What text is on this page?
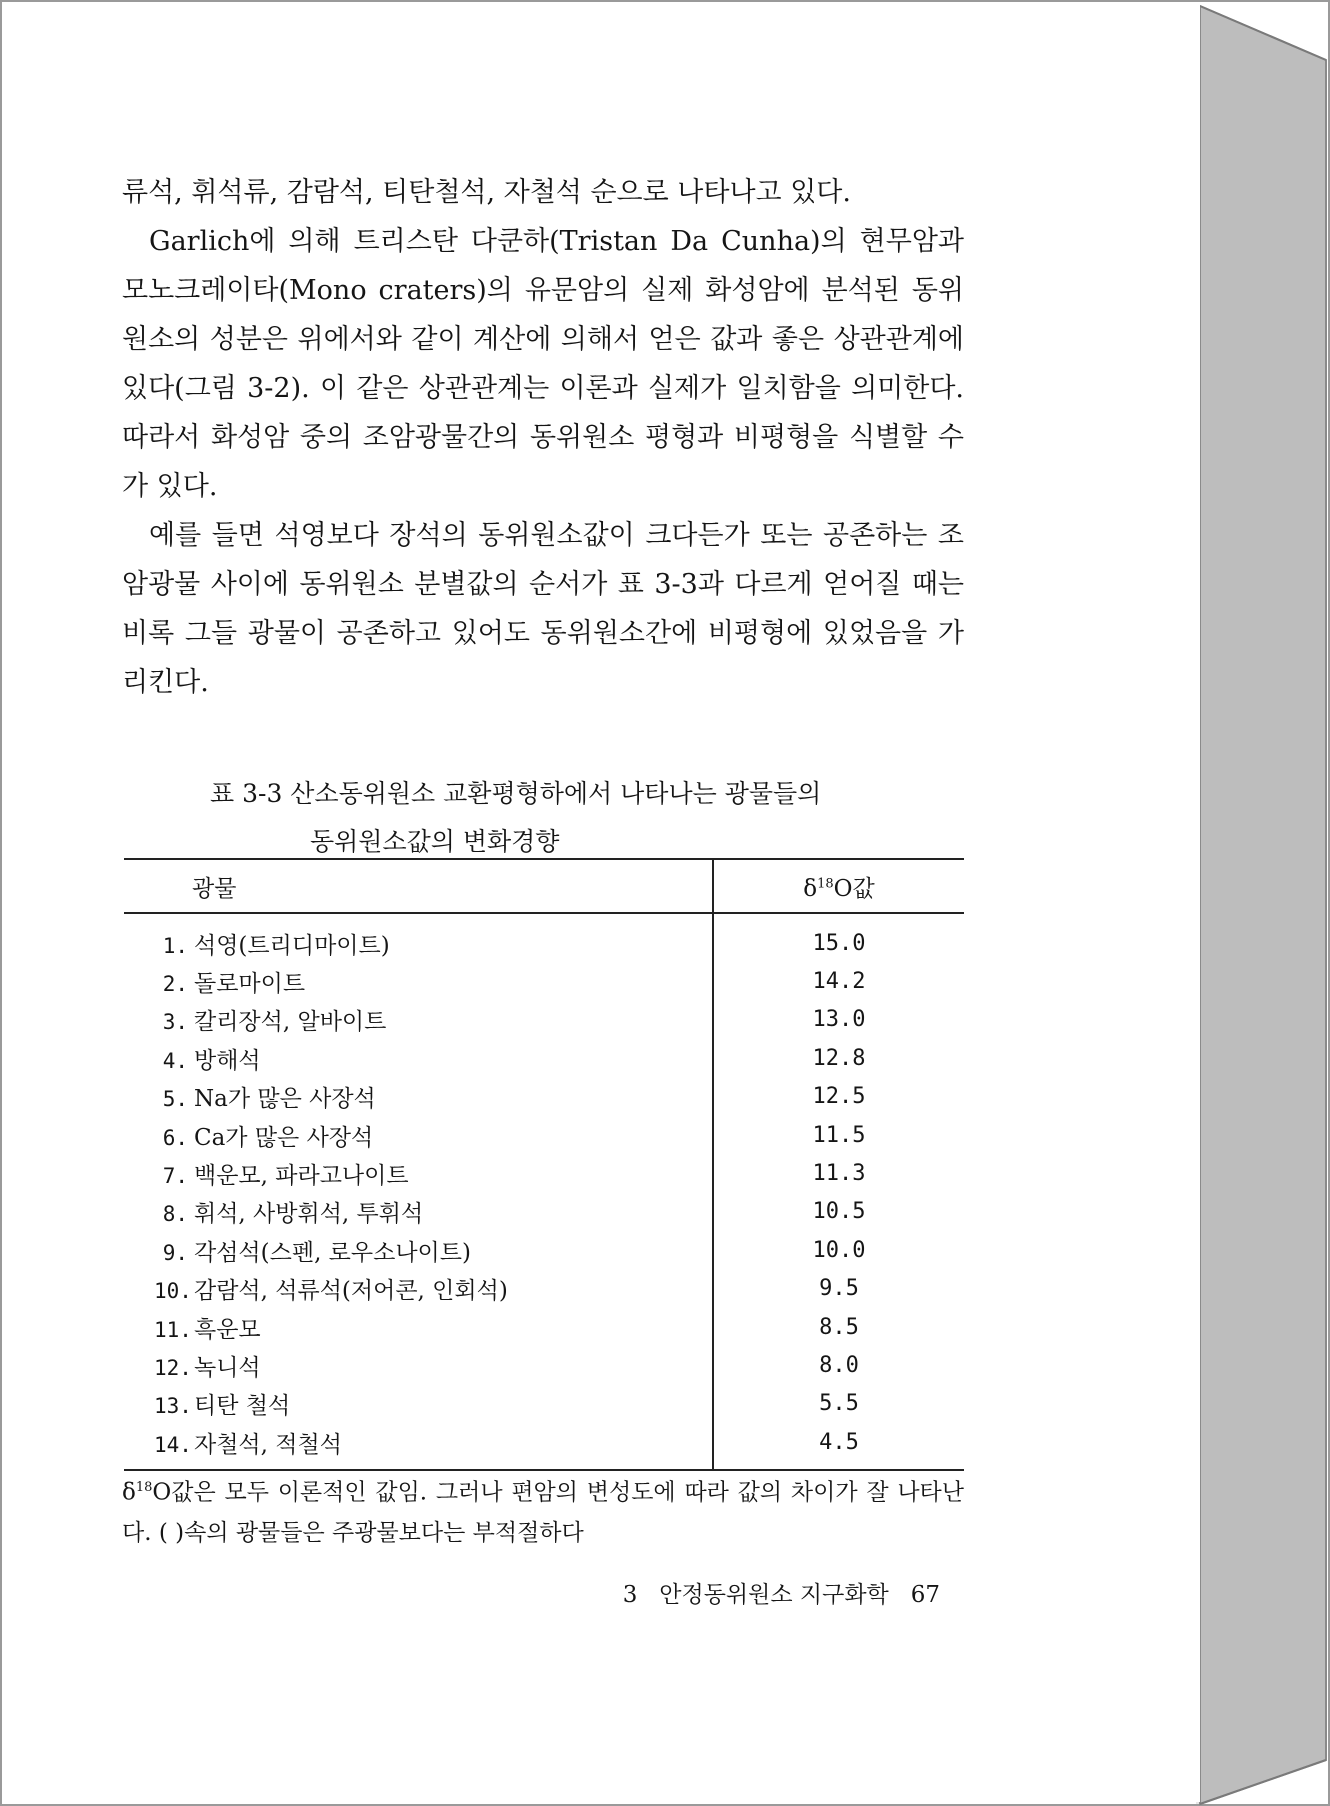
류석, 휘석류, 감람석, 티탄철석, 자철석 순으로 나타나고 있다.

Garlich에 의해 트리스탄 다쿤하(Tristan Da Cunha)의 현무암과 모노크레이타(Mono craters)의 유문암의 실제 화성암에 분석된 동위원소의 성분은 위에서와 같이 계산에 의해서 얻은 값과 좋은 상관관계에 있다(그림 3-2). 이 같은 상관관계는 이론과 실제가 일치함을 의미한다. 따라서 화성암 중의 조암광물간의 동위원소 평형과 비평형을 식별할 수가 있다.

예를 들면 석영보다 장석의 동위원소값이 크다든가 또는 공존하는 조암광물 사이에 동위원소 분별값의 순서가 표 3-3과 다르게 얻어질 때는 비록 그들 광물이 공존하고 있어도 동위원소간에 비평형에 있었음을 가리킨다.

표 3-3 산소동위원소 교환평형하에서 나타나는 광물들의
동위원소값의 변화경향
광물	$\delta^{18}O$값
1. 석영(트리디마이트)	15.0
2. 돌로마이트	14.2
3. 칼리장석, 알바이트	13.0
4. 방해석	12.8
5. Na가 많은 사장석	12.5
6. Ca가 많은 사장석	11.5
7. 백운모, 파라고나이트	11.3
8. 휘석, 사방휘석, 투휘석	10.5
9. 각섬석(스펜, 로우소나이트)	10.0
10.감람석, 석류석(저어콘, 인회석)	9.5
11.흑운모	8.5
12.녹니석	8.0
13.티탄 철석	5.5
14.자철석, 적철석	4.5
$\delta^{18}O$값은 모두 이론적인 값임. 그러나 편암의 변성도에 따라 값의 차이가 잘 나타난다. ( )속의 광물들은 주광물보다는 부적절하다
3 안정동위원소 지구화학 67
